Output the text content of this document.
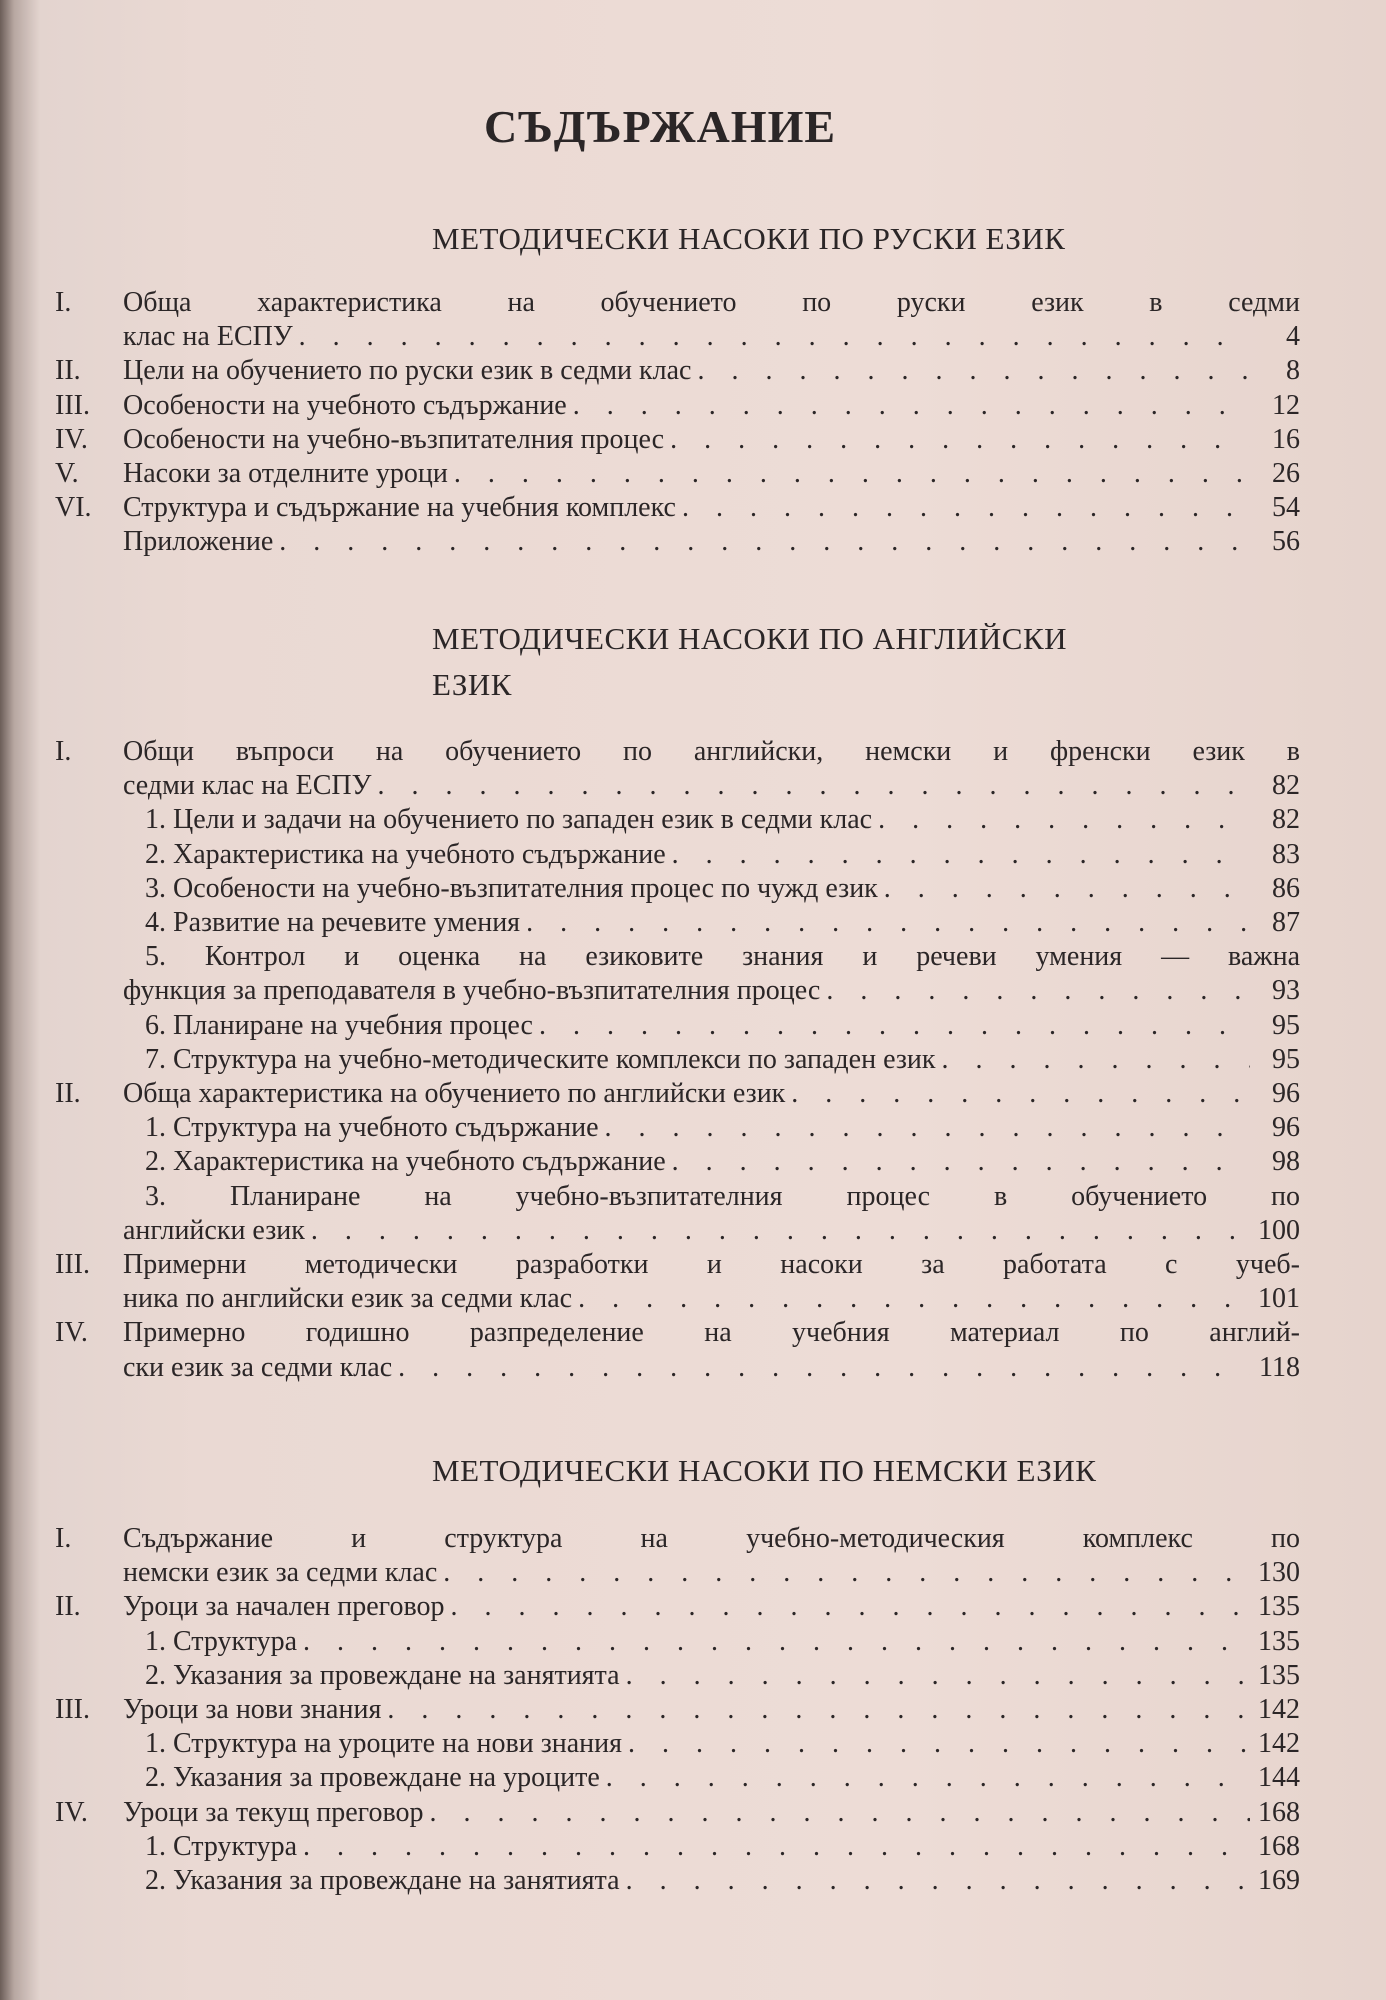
СЪДЪРЖАНИЕ
МЕТОДИЧЕСКИ НАСОКИ ПО РУСКИ ЕЗИК
I. Обща характеристика на обучението по руски език в седми
клас на ЕСПУ . . .	4
II. Цели на обучението по руски език в седми клас . . .	8
III. Особености на учебното съдържание . . .	12
IV. Особености на учебно-възпитателния процес . . .	16
V. Насоки за отделните уроци . . .	26
VI. Структура и съдържание на учебния комплекс . . .	54
Приложение . . .	56
МЕТОДИЧЕСКИ НАСОКИ ПО АНГЛИЙСКИ
ЕЗИК
I. Общи въпроси на обучението по английски, немски и френски език в
седми клас на ЕСПУ . . .	82
1. Цели и задачи на обучението по западен език в седми клас . . .	82
2. Характеристика на учебното съдържание . . .	83
3. Особености на учебно-възпитателния процес по чужд език . . .	86
4. Развитие на речевите умения . . .	87
5. Контрол и оценка на езиковите знания и речеви умения — важна
функция за преподавателя в учебно-възпитателния процес . . .	93
6. Планиране на учебния процес . . .	95
7. Структура на учебно-методическите комплекси по западен език . . .	95
II. Обща характеристика на обучението по английски език . . .	96
1. Структура на учебното съдържание . . .	96
2. Характеристика на учебното съдържание . . .	98
3. Планиране на учебно-възпитателния процес в обучението по
английски език . . .	100
III. Примерни методически разработки и насоки за работата с учеб-
ника по английски език за седми клас . . .	101
IV. Примерно годишно разпределение на учебния материал по англий-
ски език за седми клас . . .	118
МЕТОДИЧЕСКИ НАСОКИ ПО НЕМСКИ ЕЗИК
I. Съдържание и структура на учебно-методическия комплекс по
немски език за седми клас . . .	130
II. Уроци за начален преговор . . .	135
1. Структура . . .	135
2. Указания за провеждане на занятията . . .	135
III. Уроци за нови знания . . .	142
1. Структура на уроците на нови знания . . .	142
2. Указания за провеждане на уроците . . .	144
IV. Уроци за текущ преговор . . .	168
1. Структура . . .	168
2. Указания за провеждане на занятията . . .	169
